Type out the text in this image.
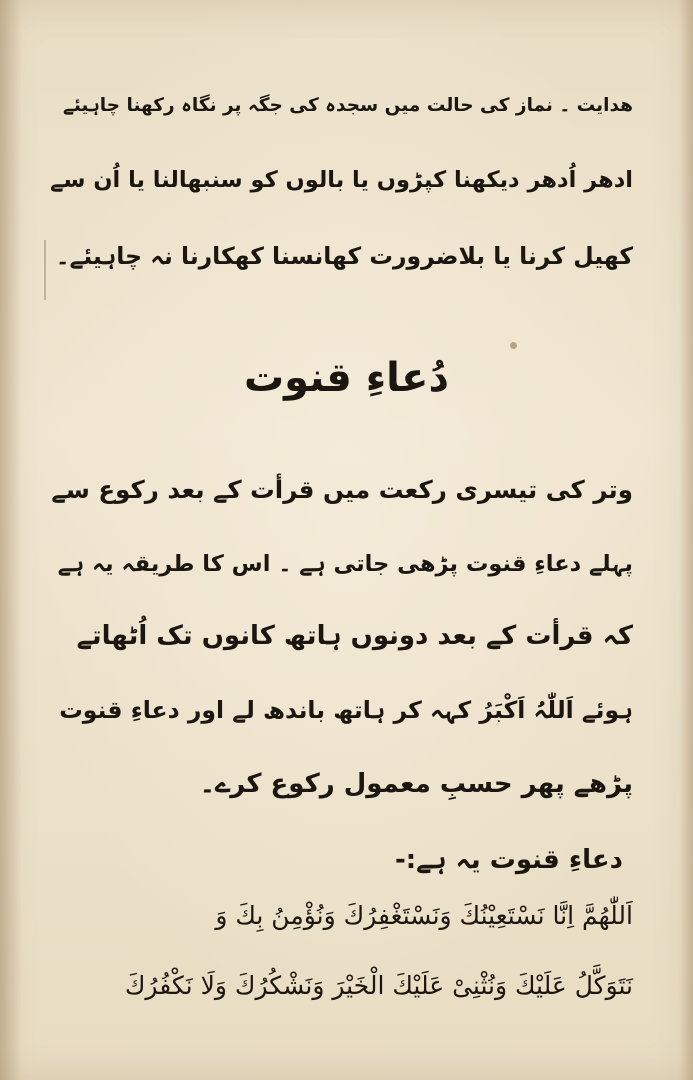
ھدایت ۔ نماز کی حالت میں سجدہ کی جگہ پر نگاہ رکھنا چاہیئے
ادھر اُدھر دیکھنا کپڑوں یا بالوں کو سنبھالنا یا اُن سے
کھیل کرنا یا بلاضرورت کھانسنا کھکارنا نہ چاہیئے۔
دُعاءِ قنوت
وتر کی تیسری رکعت میں قرأت کے بعد رکوع سے
پہلے دعاءِ قنوت پڑھی جاتی ہے ۔ اس کا طریقہ یہ ہے
کہ قرأت کے بعد دونوں ہاتھ کانوں تک اُٹھاتے
ہوئے اَللّٰہُ اَکْبَرُ کہہ کر ہاتھ باندھ لے اور دعاءِ قنوت
پڑھے پھر حسبِ معمول رکوع کرے۔
دعاءِ قنوت یہ ہے:-
اَللّٰهُمَّ اِنَّا نَسْتَعِيْنُكَ وَنَسْتَغْفِرُكَ وَنُؤْمِنُ بِكَ وَ
نَتَوَكَّلُ عَلَيْكَ وَنُثْنِىْ عَلَيْكَ الْخَيْرَ وَنَشْكُرُكَ وَلَا نَكْفُرُكَ
